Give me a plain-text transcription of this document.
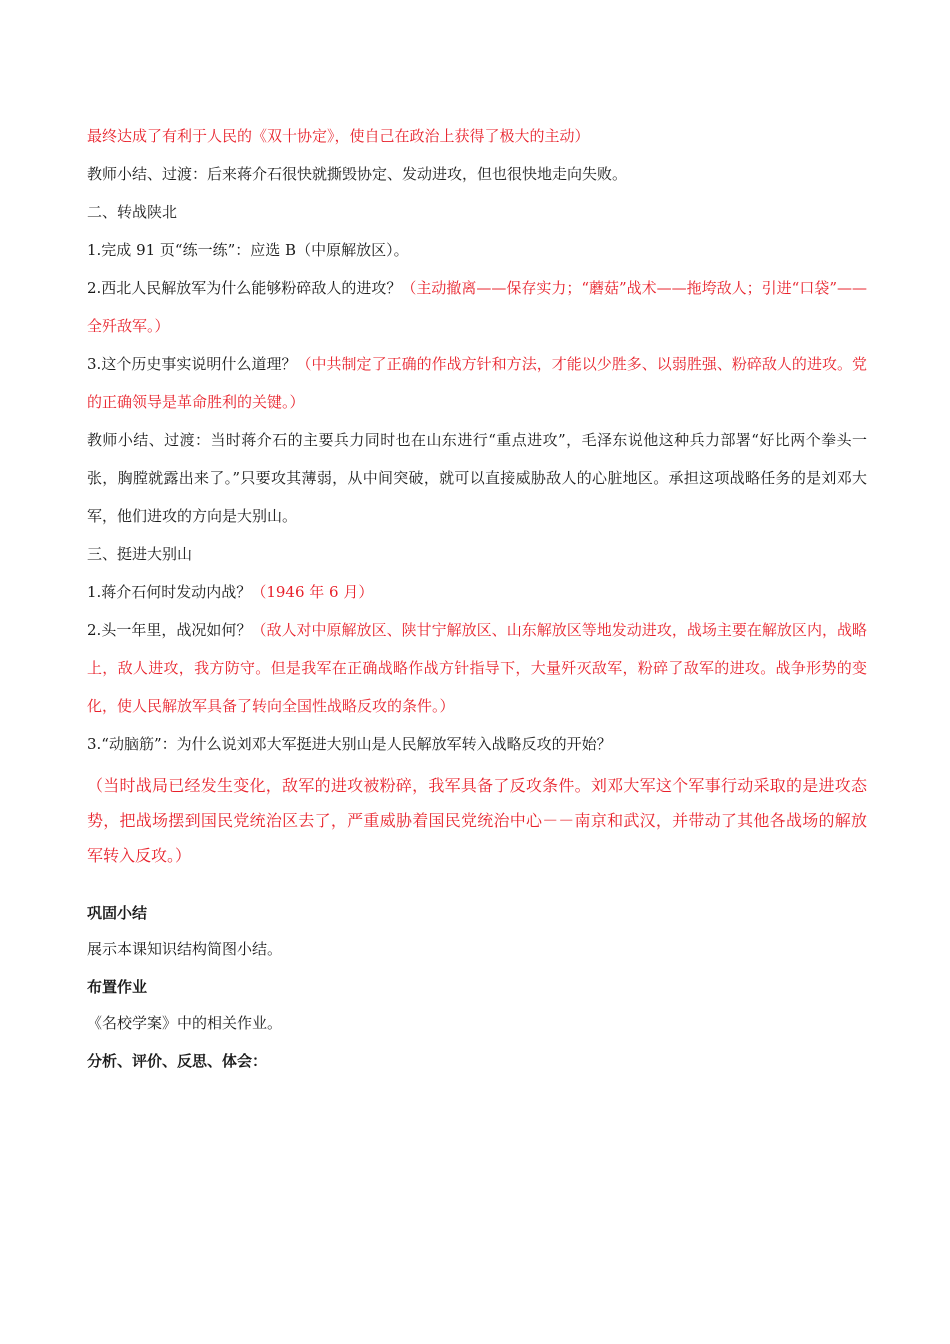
最终达成了有利于人民的《双十协定》，使自己在政治上获得了极大的主动）

教师小结、过渡：后来蒋介石很快就撕毁协定、发动进攻，但也很快地走向失败。

二、转战陕北

1.完成 91 页“练一练”：应选 B（中原解放区）。

2.西北人民解放军为什么能够粉碎敌人的进攻？（主动撤离——保存实力；“蘑菇”战术——拖垮敌人；引进“口袋”——全歼敌军。）

3.这个历史事实说明什么道理？（中共制定了正确的作战方针和方法，才能以少胜多、以弱胜强、粉碎敌人的进攻。党的正确领导是革命胜利的关键。）

教师小结、过渡：当时蒋介石的主要兵力同时也在山东进行“重点进攻”，毛泽东说他这种兵力部署“好比两个拳头一张，胸膛就露出来了。”只要攻其薄弱，从中间突破，就可以直接威胁敌人的心脏地区。承担这项战略任务的是刘邓大军，他们进攻的方向是大别山。

三、挺进大别山

1.蒋介石何时发动内战？（1946 年 6 月）

2.头一年里，战况如何？（敌人对中原解放区、陕甘宁解放区、山东解放区等地发动进攻，战场主要在解放区内，战略上，敌人进攻，我方防守。但是我军在正确战略作战方针指导下，大量歼灭敌军，粉碎了敌军的进攻。战争形势的变化，使人民解放军具备了转向全国性战略反攻的条件。）

3.“动脑筋”：为什么说刘邓大军挺进大别山是人民解放军转入战略反攻的开始？

（当时战局已经发生变化，敌军的进攻被粉碎，我军具备了反攻条件。刘邓大军这个军事行动采取的是进攻态势，把战场摆到国民党统治区去了，严重威胁着国民党统治中心－－南京和武汉，并带动了其他各战场的解放军转入反攻。）

巩固小结

展示本课知识结构简图小结。

布置作业

《名校学案》中的相关作业。

分析、评价、反思、体会：
